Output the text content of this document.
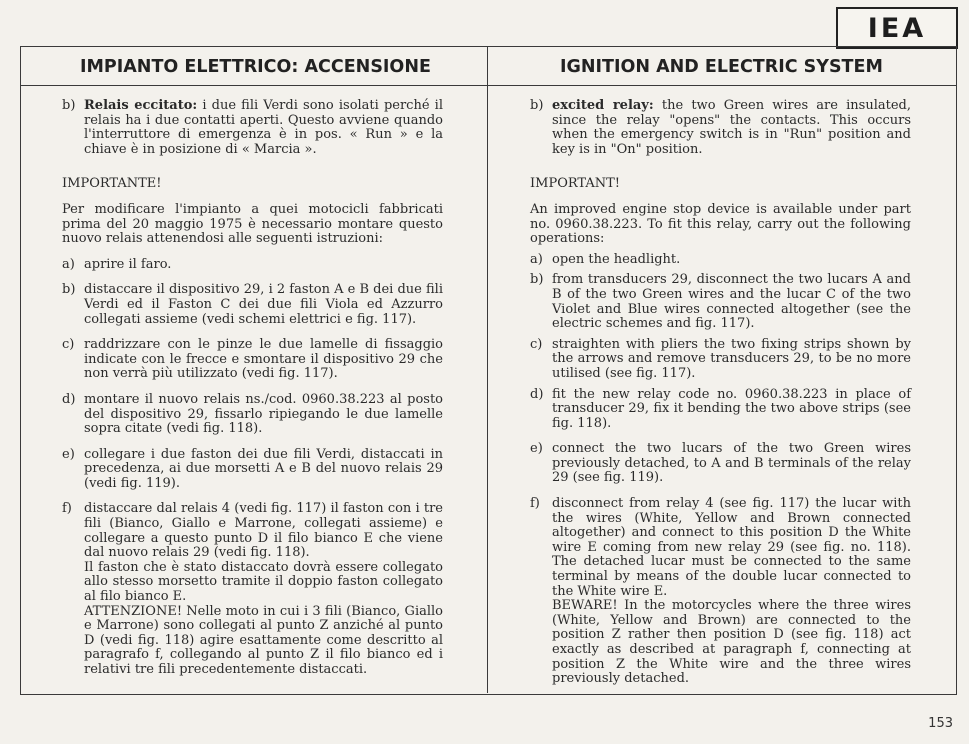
IEA
IMPIANTO ELETTRICO: ACCENSIONE	IGNITION AND ELECTRIC SYSTEM
b) Relais eccitato: i due fili Verdi sono isolati perché il relais ha i due contatti aperti. Questo avviene quando l'interruttore di emergenza è in pos. « Run » e la chiave è in posizione di « Marcia ».

IMPORTANTE!

Per modificare l'impianto a quei motocicli fabbricati prima del 20 maggio 1975 è necessario montare questo nuovo relais attenendosi alle seguenti istruzioni:

a) aprire il faro.
b) distaccare il dispositivo 29, i 2 faston A e B dei due fili Verdi ed il Faston C dei due fili Viola ed Azzurro collegati assieme (vedi schemi elettrici e fig. 117).
c) raddrizzare con le pinze le due lamelle di fissaggio indicate con le frecce e smontare il dispositivo 29 che non verrà più utilizzato (vedi fig. 117).
d) montare il nuovo relais ns./cod. 0960.38.223 al posto del dispositivo 29, fissarlo ripiegando le due lamelle sopra citate (vedi fig. 118).
e) collegare i due faston dei due fili Verdi, distaccati in precedenza, ai due morsetti A e B del nuovo relais 29 (vedi fig. 119).
f) distaccare dal relais 4 (vedi fig. 117) il faston con i tre fili (Bianco, Giallo e Marrone, collegati assieme) e collegare a questo punto D il filo bianco E che viene dal nuovo relais 29 (vedi fig. 118).
Il faston che è stato distaccato dovrà essere collegato allo stesso morsetto tramite il doppio faston collegato al filo bianco E.
ATTENZIONE! Nelle moto in cui i 3 fili (Bianco, Giallo e Marrone) sono collegati al punto Z anziché al punto D (vedi fig. 118) agire esattamente come descritto al paragrafo f, collegando al punto Z il filo bianco ed i relativi tre fili precedentemente distaccati.
b) excited relay: the two Green wires are insulated, since the relay "opens" the contacts. This occurs when the emergency switch is in "Run" position and key is in "On" position.

IMPORTANT!

An improved engine stop device is available under part no. 0960.38.223. To fit this relay, carry out the following operations:

a) open the headlight.
b) from transducers 29, disconnect the two lucars A and B of the two Green wires and the lucar C of the two Violet and Blue wires connected altogether (see the electric schemes and fig. 117).
c) straighten with pliers the two fixing strips shown by the arrows and remove transducers 29, to be no more utilised (see fig. 117).
d) fit the new relay code no. 0960.38.223 in place of transducer 29, fix it bending the two above strips (see fig. 118).
e) connect the two lucars of the two Green wires previously detached, to A and B terminals of the relay 29 (see fig. 119).
f) disconnect from relay 4 (see fig. 117) the lucar with the wires (White, Yellow and Brown connected altogether) and connect to this position D the White wire E coming from new relay 29 (see fig. no. 118). The detached lucar must be connected to the same terminal by means of the double lucar connected to the White wire E.
BEWARE! In the motorcycles where the three wires (White, Yellow and Brown) are connected to the position Z rather then position D (see fig. 118) act exactly as described at paragraph f, connecting at position Z the White wire and the three wires previously detached.
153
